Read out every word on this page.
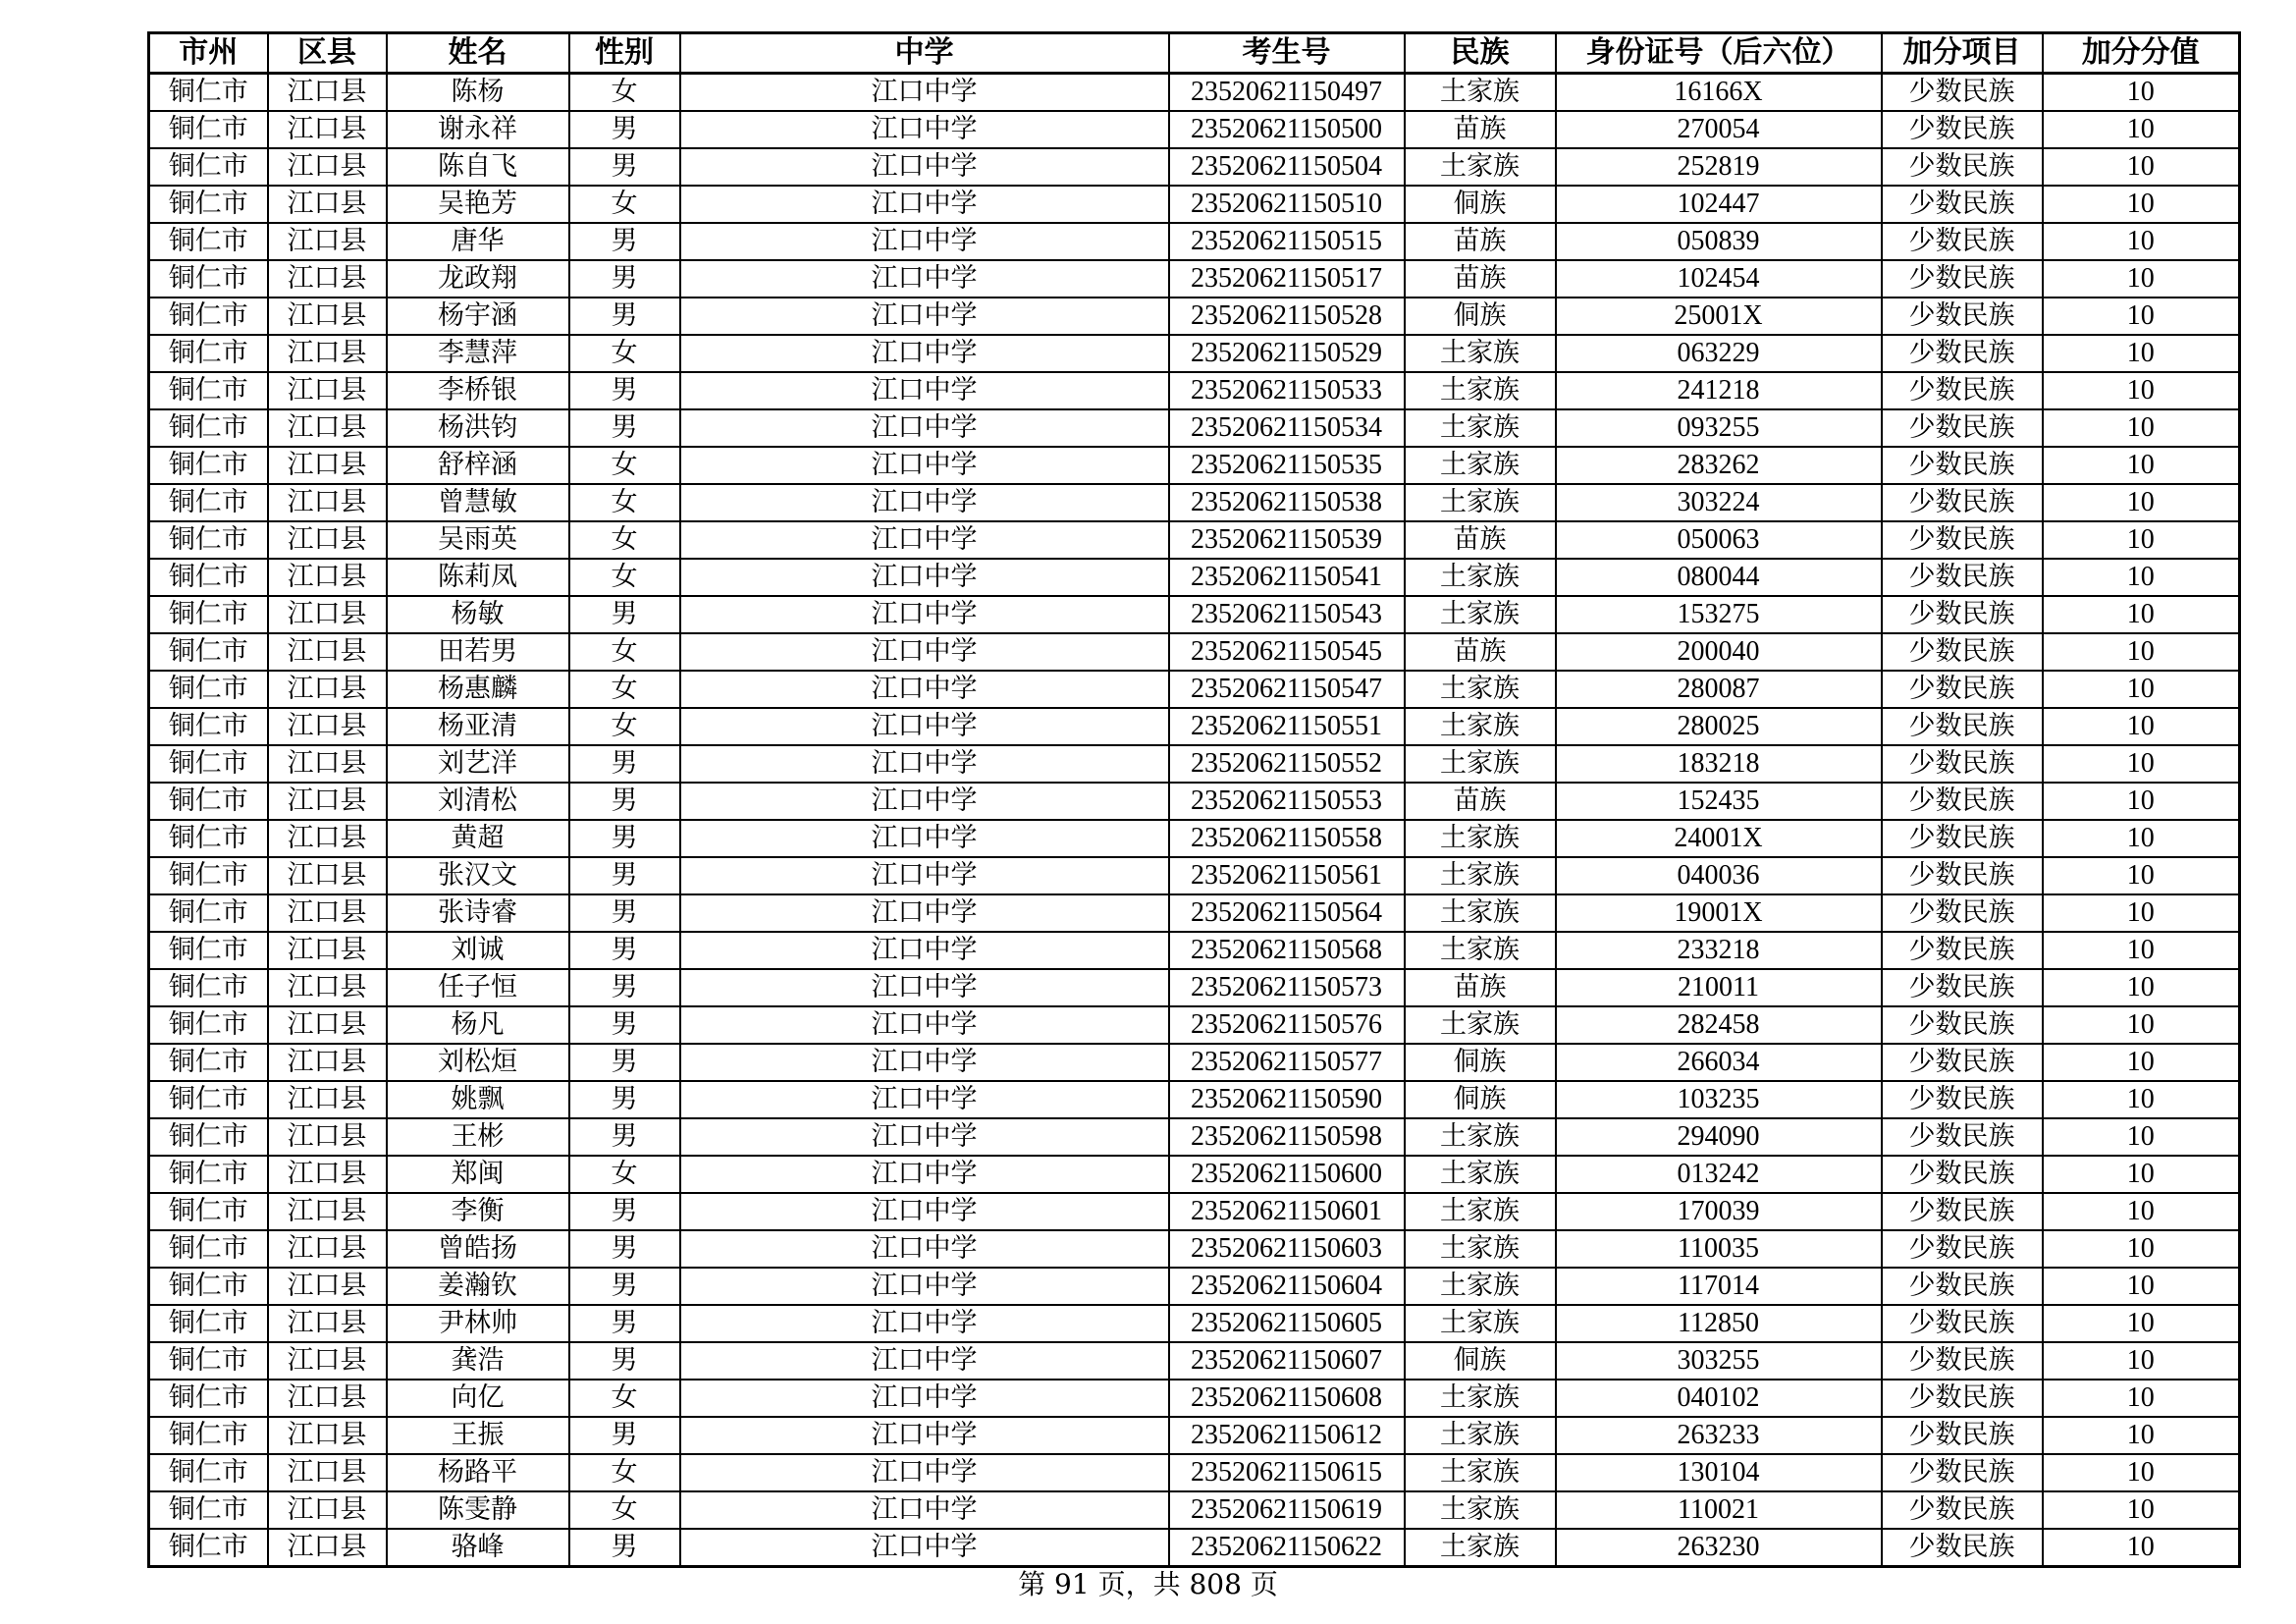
市州	区县	姓名	性别	中学	考生号	民族	身份证号（后六位）	加分项目	加分分值
铜仁市	江口县	陈杨	女	江口中学	23520621150497	土家族	16166X	少数民族	10
铜仁市	江口县	谢永祥	男	江口中学	23520621150500	苗族	270054	少数民族	10
铜仁市	江口县	陈自飞	男	江口中学	23520621150504	土家族	252819	少数民族	10
铜仁市	江口县	吴艳芳	女	江口中学	23520621150510	侗族	102447	少数民族	10
铜仁市	江口县	唐华	男	江口中学	23520621150515	苗族	050839	少数民族	10
铜仁市	江口县	龙政翔	男	江口中学	23520621150517	苗族	102454	少数民族	10
铜仁市	江口县	杨宇涵	男	江口中学	23520621150528	侗族	25001X	少数民族	10
铜仁市	江口县	李慧萍	女	江口中学	23520621150529	土家族	063229	少数民族	10
铜仁市	江口县	李桥银	男	江口中学	23520621150533	土家族	241218	少数民族	10
铜仁市	江口县	杨洪钧	男	江口中学	23520621150534	土家族	093255	少数民族	10
铜仁市	江口县	舒梓涵	女	江口中学	23520621150535	土家族	283262	少数民族	10
铜仁市	江口县	曾慧敏	女	江口中学	23520621150538	土家族	303224	少数民族	10
铜仁市	江口县	吴雨英	女	江口中学	23520621150539	苗族	050063	少数民族	10
铜仁市	江口县	陈莉凤	女	江口中学	23520621150541	土家族	080044	少数民族	10
铜仁市	江口县	杨敏	男	江口中学	23520621150543	土家族	153275	少数民族	10
铜仁市	江口县	田若男	女	江口中学	23520621150545	苗族	200040	少数民族	10
铜仁市	江口县	杨惠麟	女	江口中学	23520621150547	土家族	280087	少数民族	10
铜仁市	江口县	杨亚清	女	江口中学	23520621150551	土家族	280025	少数民族	10
铜仁市	江口县	刘艺洋	男	江口中学	23520621150552	土家族	183218	少数民族	10
铜仁市	江口县	刘清松	男	江口中学	23520621150553	苗族	152435	少数民族	10
铜仁市	江口县	黄超	男	江口中学	23520621150558	土家族	24001X	少数民族	10
铜仁市	江口县	张汉文	男	江口中学	23520621150561	土家族	040036	少数民族	10
铜仁市	江口县	张诗睿	男	江口中学	23520621150564	土家族	19001X	少数民族	10
铜仁市	江口县	刘诚	男	江口中学	23520621150568	土家族	233218	少数民族	10
铜仁市	江口县	任子恒	男	江口中学	23520621150573	苗族	210011	少数民族	10
铜仁市	江口县	杨凡	男	江口中学	23520621150576	土家族	282458	少数民族	10
铜仁市	江口县	刘松烜	男	江口中学	23520621150577	侗族	266034	少数民族	10
铜仁市	江口县	姚飘	男	江口中学	23520621150590	侗族	103235	少数民族	10
铜仁市	江口县	王彬	男	江口中学	23520621150598	土家族	294090	少数民族	10
铜仁市	江口县	郑闽	女	江口中学	23520621150600	土家族	013242	少数民族	10
铜仁市	江口县	李衡	男	江口中学	23520621150601	土家族	170039	少数民族	10
铜仁市	江口县	曾皓扬	男	江口中学	23520621150603	土家族	110035	少数民族	10
铜仁市	江口县	姜瀚钦	男	江口中学	23520621150604	土家族	117014	少数民族	10
铜仁市	江口县	尹林帅	男	江口中学	23520621150605	土家族	112850	少数民族	10
铜仁市	江口县	龚浩	男	江口中学	23520621150607	侗族	303255	少数民族	10
铜仁市	江口县	向亿	女	江口中学	23520621150608	土家族	040102	少数民族	10
铜仁市	江口县	王振	男	江口中学	23520621150612	土家族	263233	少数民族	10
铜仁市	江口县	杨路平	女	江口中学	23520621150615	土家族	130104	少数民族	10
铜仁市	江口县	陈雯静	女	江口中学	23520621150619	土家族	110021	少数民族	10
铜仁市	江口县	骆峰	男	江口中学	23520621150622	土家族	263230	少数民族	10
第 91 页，共 808 页
